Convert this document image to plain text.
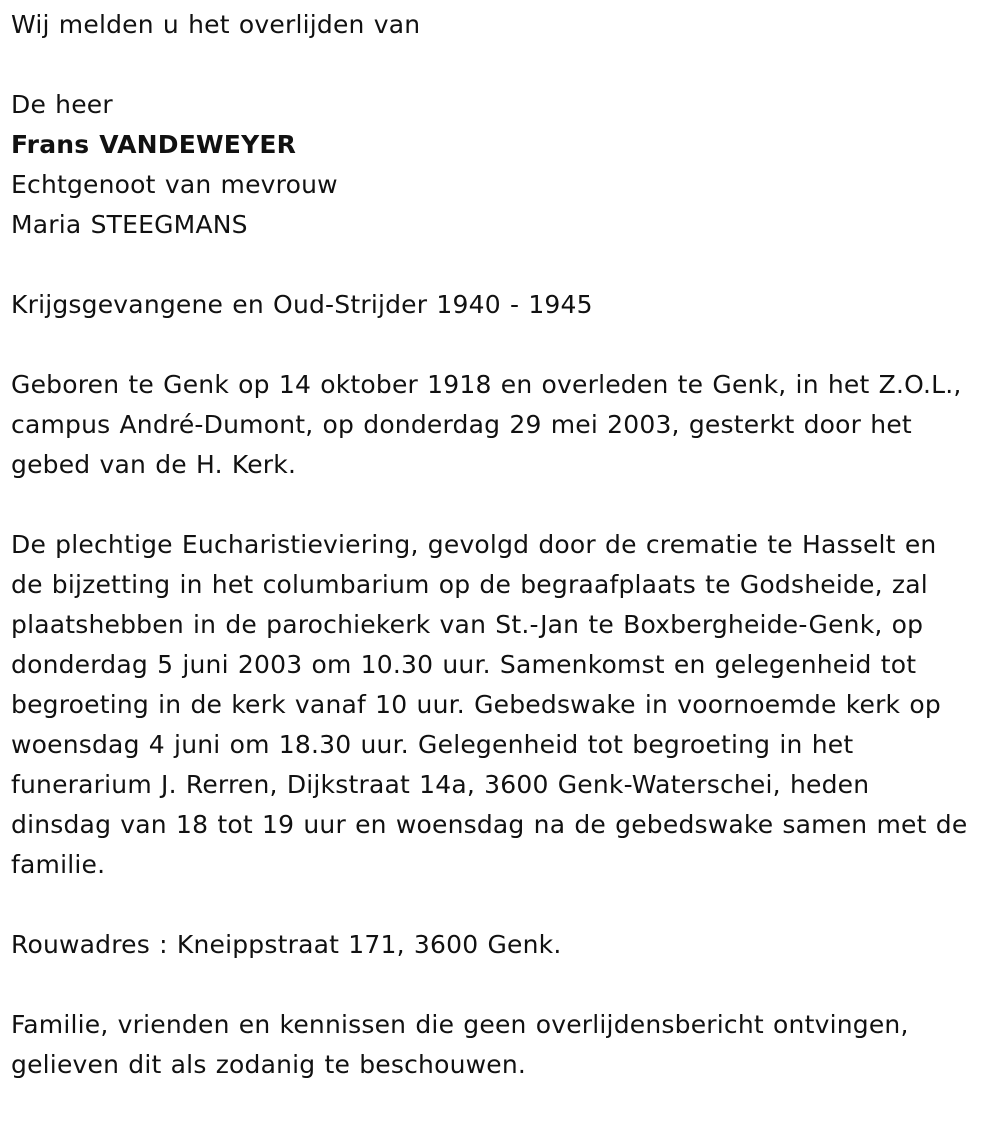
Wij melden u het overlijden van

De heer

Frans VANDEWEYER

Echtgenoot van mevrouw

Maria STEEGMANS

Krijgsgevangene en Oud-Strijder 1940 - 1945

Geboren te Genk op 14 oktober 1918 en overleden te Genk, in het Z.O.L.,

campus André-Dumont, op donderdag 29 mei 2003, gesterkt door het

gebed van de H. Kerk.

De plechtige Eucharistieviering, gevolgd door de crematie te Hasselt en

de bijzetting in het columbarium op de begraafplaats te Godsheide, zal

plaatshebben in de parochiekerk van St.-Jan te Boxbergheide-Genk, op

donderdag 5 juni 2003 om 10.30 uur. Samenkomst en gelegenheid tot

begroeting in de kerk vanaf 10 uur. Gebedswake in voornoemde kerk op

woensdag 4 juni om 18.30 uur. Gelegenheid tot begroeting in het

funerarium J. Rerren, Dijkstraat 14a, 3600 Genk-Waterschei, heden

dinsdag van 18 tot 19 uur en woensdag na de gebedswake samen met de

familie.

Rouwadres : Kneippstraat 171, 3600 Genk.

Familie, vrienden en kennissen die geen overlijdensbericht ontvingen,

gelieven dit als zodanig te beschouwen.
